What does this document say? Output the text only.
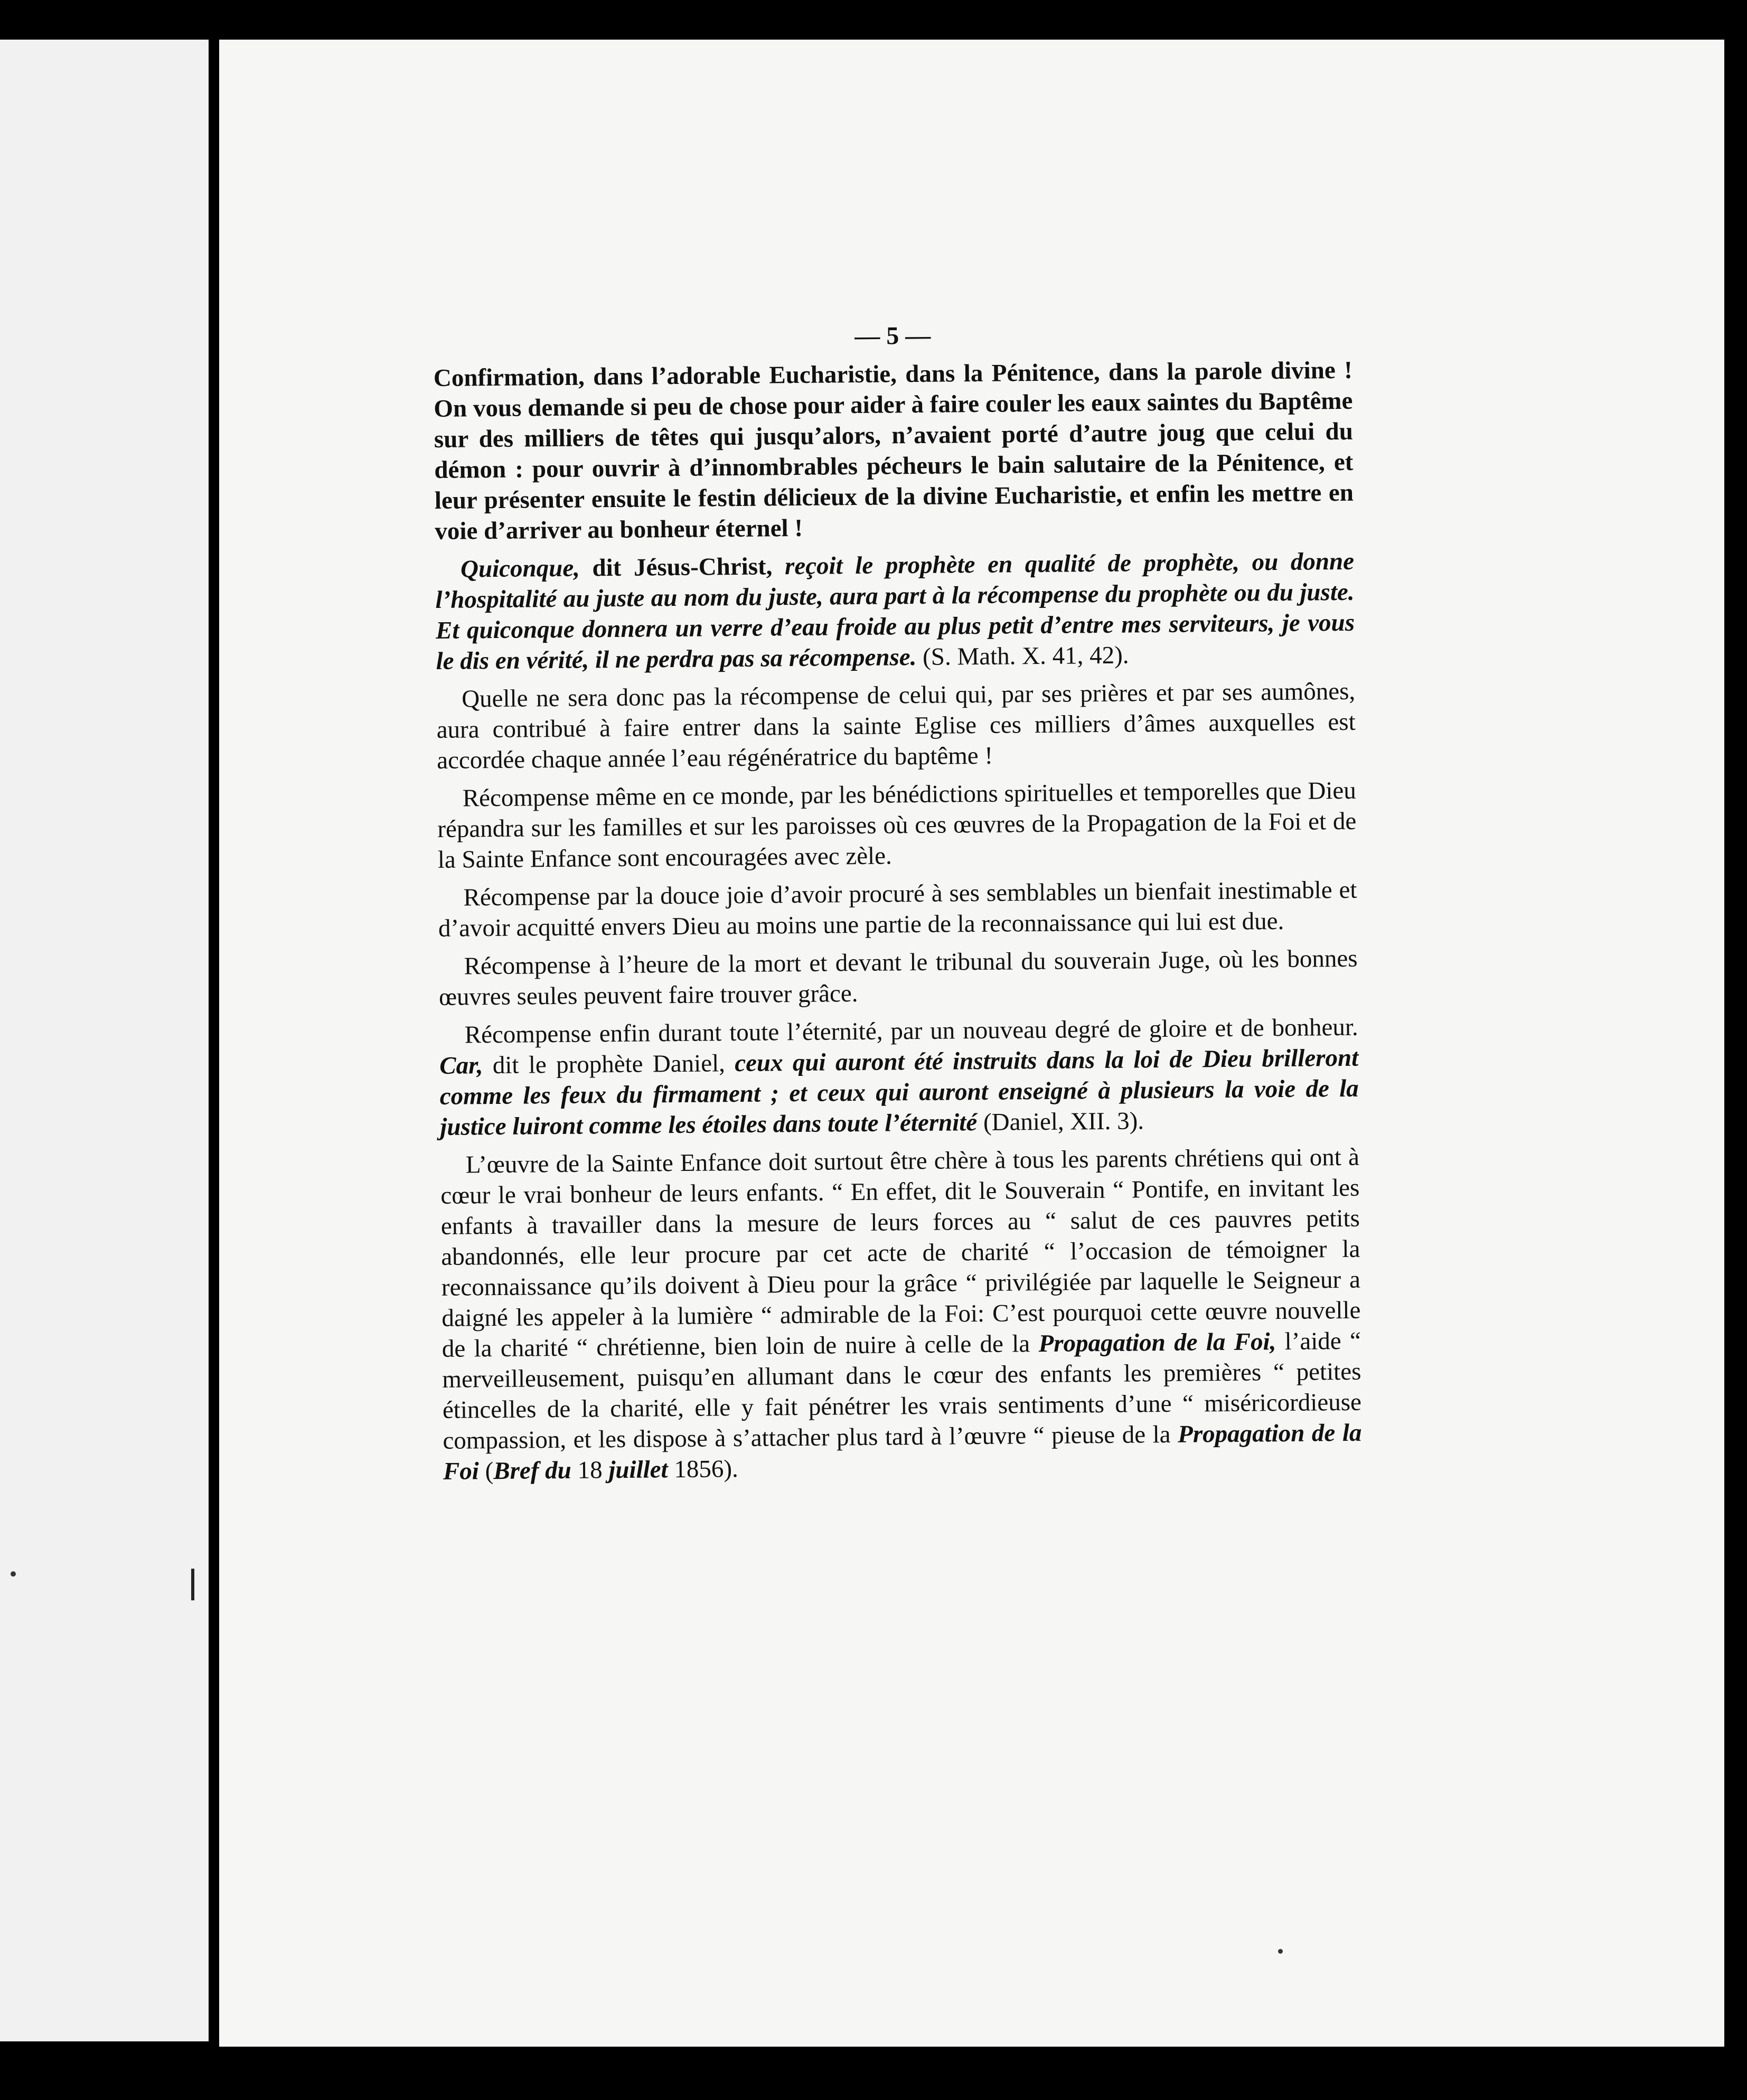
— 5 —

Confirmation, dans l’adorable Eucharistie, dans la Pénitence, dans la parole divine ! On vous demande si peu de chose pour aider à faire couler les eaux saintes du Baptême sur des milliers de têtes qui jusqu’alors, n’avaient porté d’autre joug que celui du démon : pour ouvrir à d’innombrables pécheurs le bain salutaire de la Pénitence, et leur présenter ensuite le festin délicieux de la divine Eucharistie, et enfin les mettre en voie d’arriver au bonheur éternel !

Quiconque, dit Jésus-Christ, reçoit le prophète en qualité de prophète, ou donne l’hospitalité au juste au nom du juste, aura part à la récompense du prophète ou du juste. Et quiconque donnera un verre d’eau froide au plus petit d’entre mes serviteurs, je vous le dis en vérité, il ne perdra pas sa récompense. (S. Math. X. 41, 42).

Quelle ne sera donc pas la récompense de celui qui, par ses prières et par ses aumônes, aura contribué à faire entrer dans la sainte Eglise ces milliers d’âmes auxquelles est accordée chaque année l’eau régénératrice du baptême !

Récompense même en ce monde, par les bénédictions spirituelles et temporelles que Dieu répandra sur les familles et sur les paroisses où ces œuvres de la Propagation de la Foi et de la Sainte Enfance sont encouragées avec zèle.

Récompense par la douce joie d’avoir procuré à ses semblables un bienfait inestimable et d’avoir acquitté envers Dieu au moins une partie de la reconnaissance qui lui est due.

Récompense à l’heure de la mort et devant le tribunal du souverain Juge, où les bonnes œuvres seules peuvent faire trouver grâce.

Récompense enfin durant toute l’éternité, par un nouveau degré de gloire et de bonheur. Car, dit le prophète Daniel, ceux qui auront été instruits dans la loi de Dieu brilleront comme les feux du firmament ; et ceux qui auront enseigné à plusieurs la voie de la justice luiront comme les étoiles dans toute l’éternité (Daniel, XII. 3).

L’œuvre de la Sainte Enfance doit surtout être chère à tous les parents chrétiens qui ont à cœur le vrai bonheur de leurs enfants. “ En effet, dit le Souverain “ Pontife, en invitant les enfants à travailler dans la mesure de leurs forces au “ salut de ces pauvres petits abandonnés, elle leur procure par cet acte de charité “ l’occasion de témoigner la reconnaissance qu’ils doivent à Dieu pour la grâce “ privilégiée par laquelle le Seigneur a daigné les appeler à la lumière “ admirable de la Foi: C’est pourquoi cette œuvre nouvelle de la charité “ chrétienne, bien loin de nuire à celle de la Propagation de la Foi, l’aide “ merveilleusement, puisqu’en allumant dans le cœur des enfants les premières “ petites étincelles de la charité, elle y fait pénétrer les vrais sentiments d’une “ miséricordieuse compassion, et les dispose à s’attacher plus tard à l’œuvre “ pieuse de la Propagation de la Foi (Bref du 18 juillet 1856).
